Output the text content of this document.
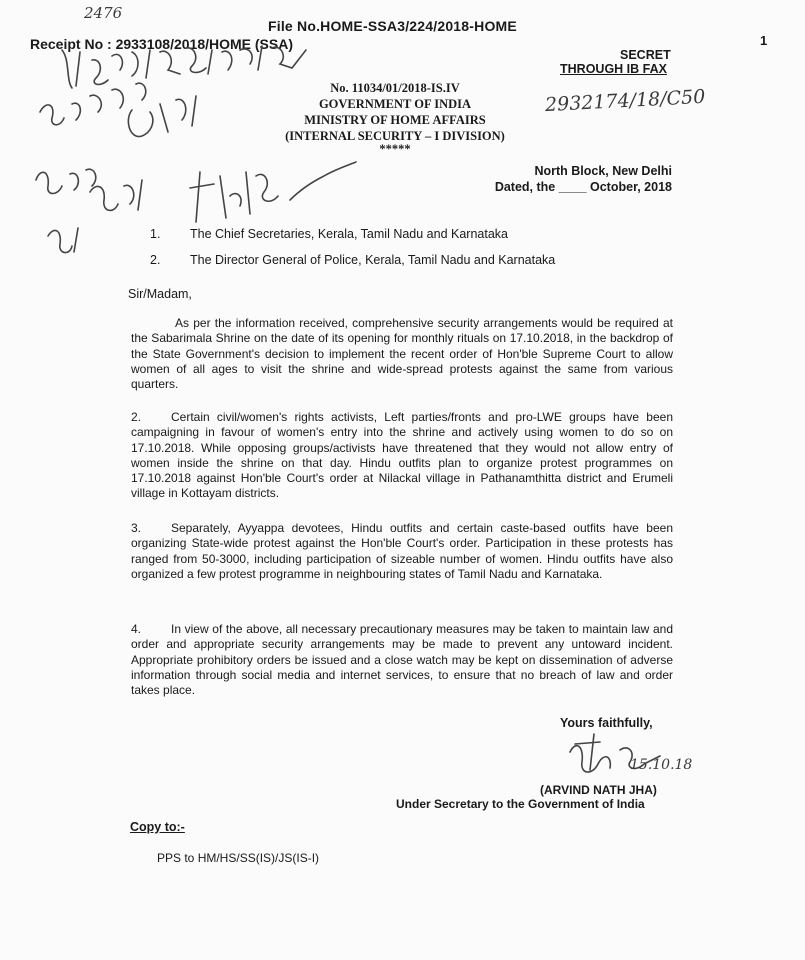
1
File No.HOME-SSA3/224/2018-HOME
Receipt No : 2933108/2018/HOME (SSA)
2476
SECRET
THROUGH IB FAX
2932174/18/C50
No. 11034/01/2018-IS.IV
GOVERNMENT OF INDIA
MINISTRY OF HOME AFFAIRS
(INTERNAL SECURITY – I DIVISION)
*****
North Block, New Delhi
Dated, the ____ October, 2018
15.10.18
1. The Chief Secretaries, Kerala, Tamil Nadu and Karnataka
2. The Director General of Police, Kerala, Tamil Nadu and Karnataka
Sir/Madam,
As per the information received, comprehensive security arrangements would be required at the Sabarimala Shrine on the date of its opening for monthly rituals on 17.10.2018, in the backdrop of the State Government's decision to implement the recent order of Hon'ble Supreme Court to allow women of all ages to visit the shrine and wide-spread protests against the same from various quarters.
2. Certain civil/women's rights activists, Left parties/fronts and pro-LWE groups have been campaigning in favour of women's entry into the shrine and actively using women to do so on 17.10.2018. While opposing groups/activists have threatened that they would not allow entry of women inside the shrine on that day. Hindu outfits plan to organize protest programmes on 17.10.2018 against Hon'ble Court's order at Nilackal village in Pathanamthitta district and Erumeli village in Kottayam districts.
3. Separately, Ayyappa devotees, Hindu outfits and certain caste-based outfits have been organizing State-wide protest against the Hon'ble Court's order. Participation in these protests has ranged from 50-3000, including participation of sizeable number of women. Hindu outfits have also organized a few protest programme in neighbouring states of Tamil Nadu and Karnataka.
4. In view of the above, all necessary precautionary measures may be taken to maintain law and order and appropriate security arrangements may be made to prevent any untoward incident. Appropriate prohibitory orders be issued and a close watch may be kept on dissemination of adverse information through social media and internet services, to ensure that no breach of law and order takes place.
Yours faithfully,
(ARVIND NATH JHA)
Under Secretary to the Government of India
Copy to:-
PPS to HM/HS/SS(IS)/JS(IS-I)
